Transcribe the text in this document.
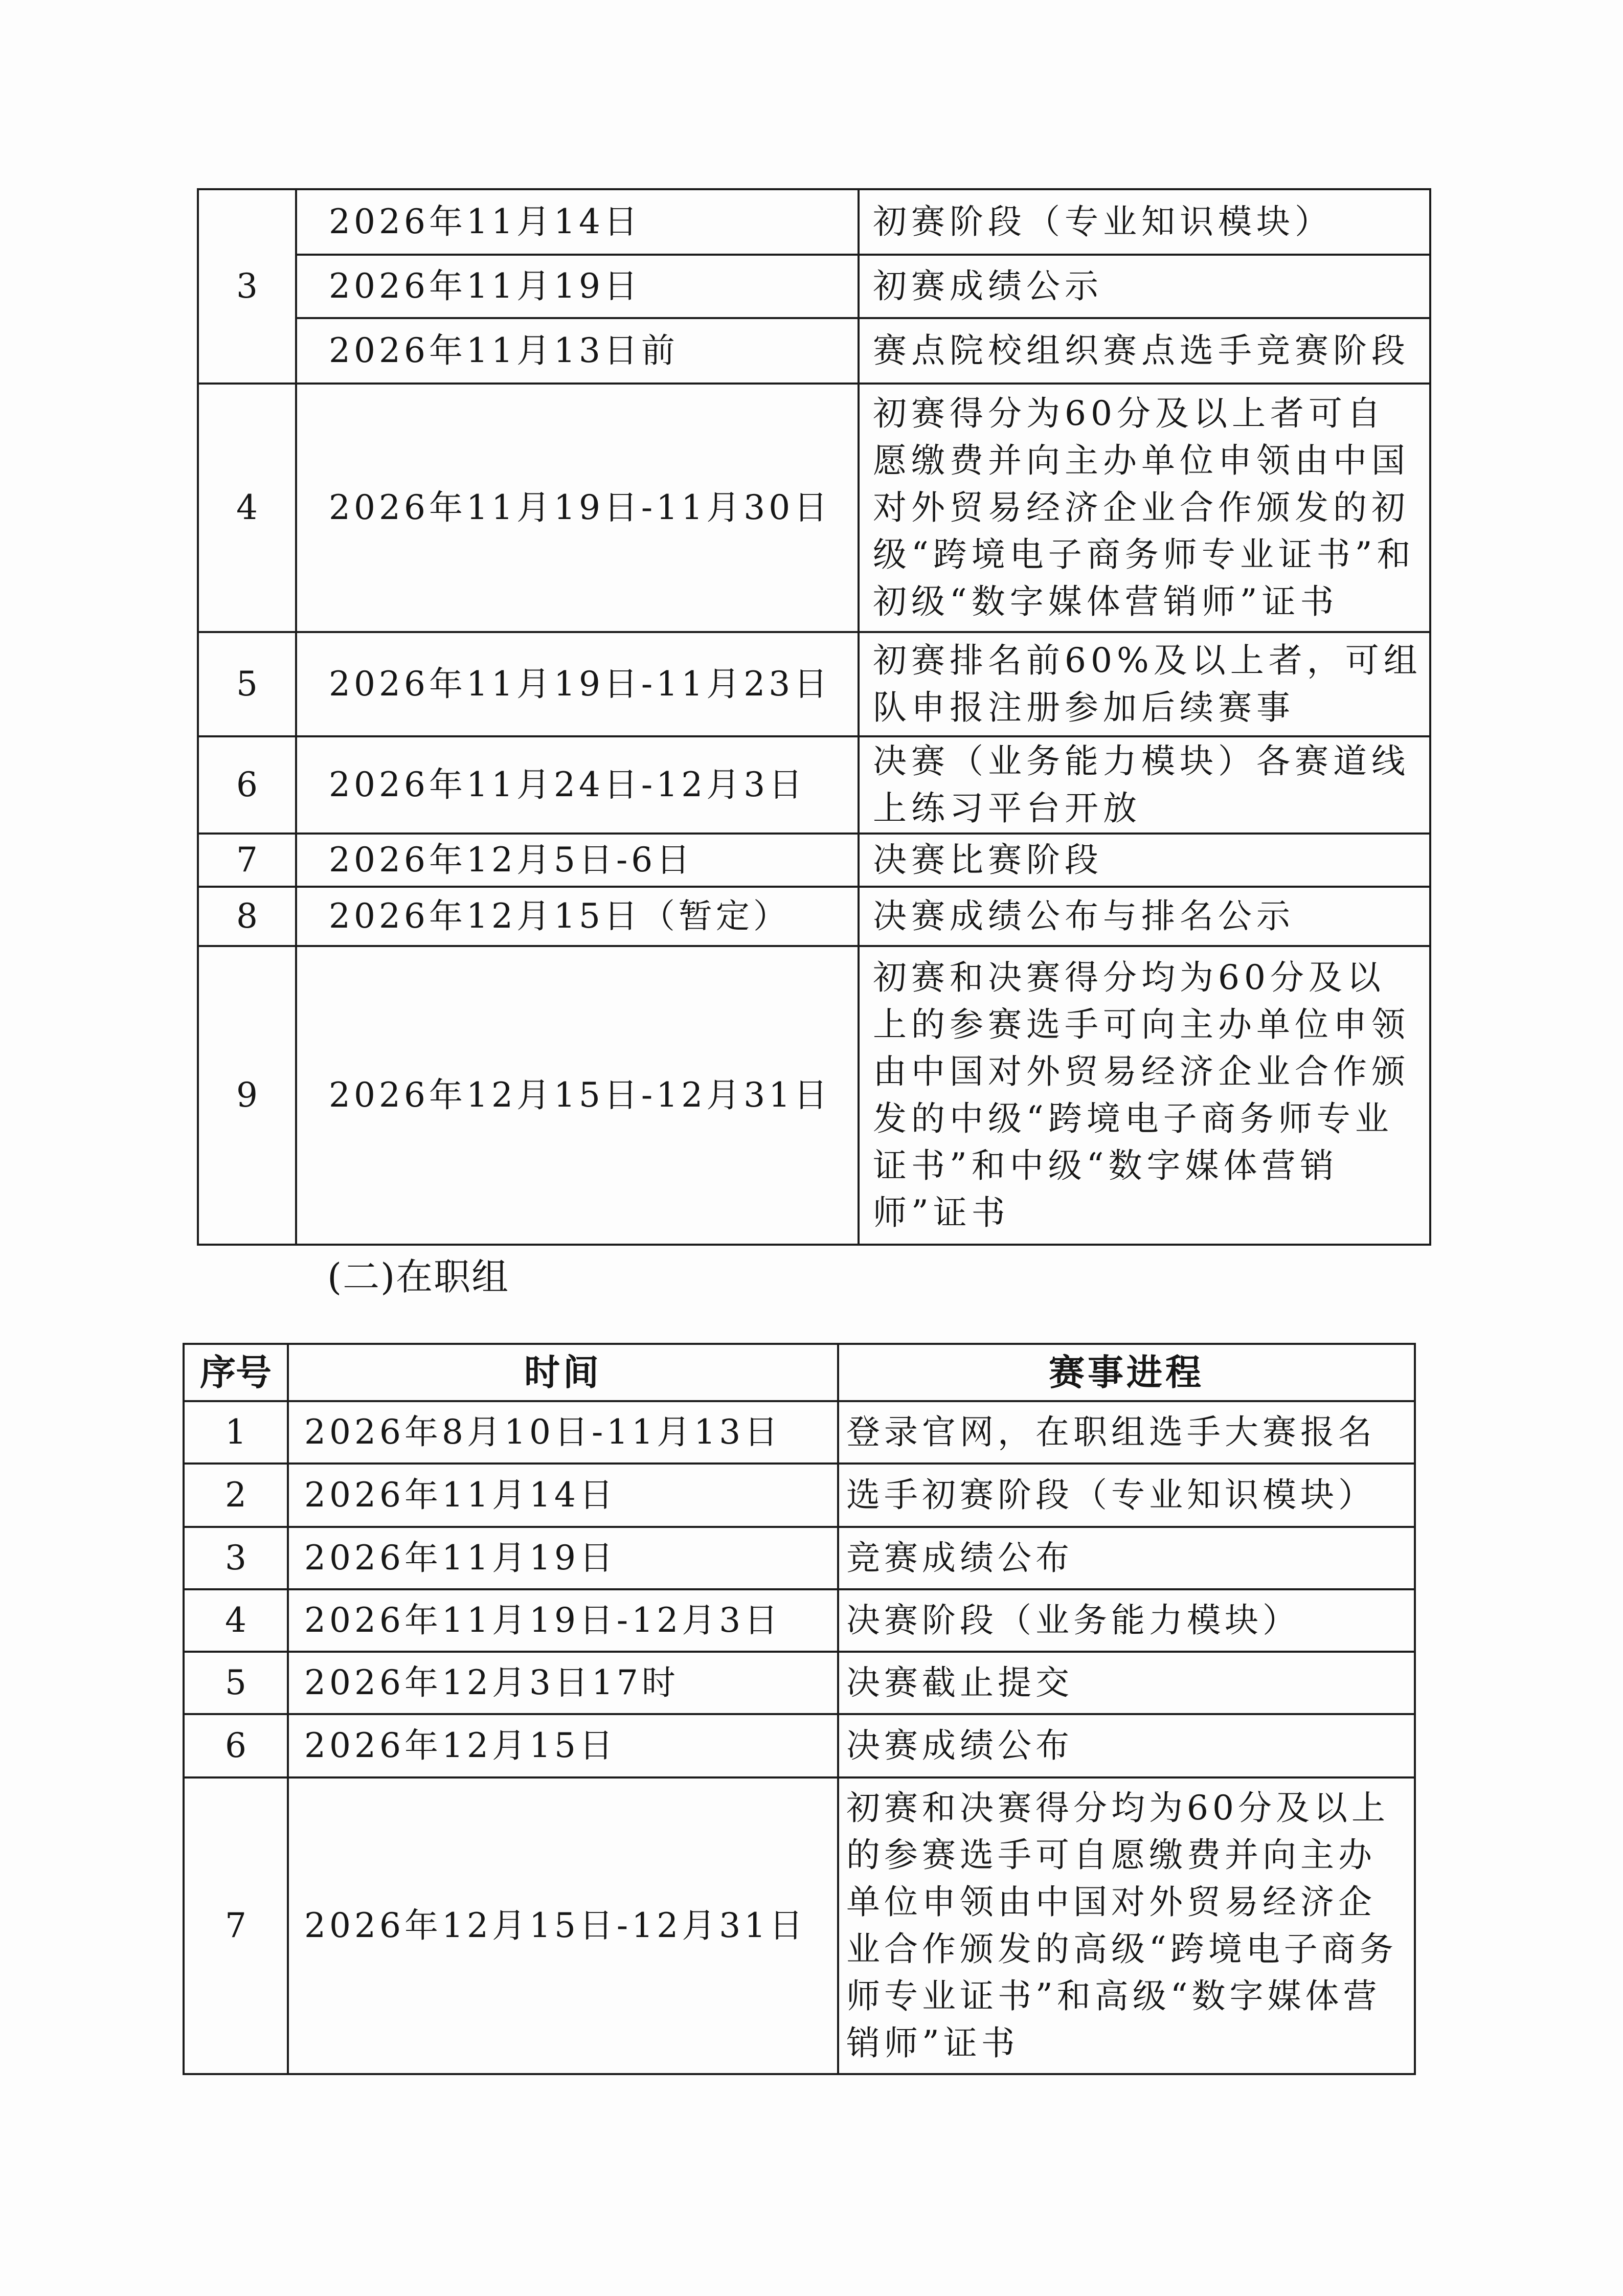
3	2026年11月14日	初赛阶段（专业知识模块）
	2026年11月19日	初赛成绩公示
	2026年11月13日前	赛点院校组织赛点选手竞赛阶段
4	2026年11月19日-11月30日	初赛得分为60分及以上者可自愿缴费并向主办单位申领由中国对外贸易经济企业合作颁发的初级“跨境电子商务师专业证书”和初级“数字媒体营销师”证书
5	2026年11月19日-11月23日	初赛排名前60%及以上者，可组队申报注册参加后续赛事
6	2026年11月24日-12月3日	决赛（业务能力模块）各赛道线上练习平台开放
7	2026年12月5日-6日	决赛比赛阶段
8	2026年12月15日（暂定）	决赛成绩公布与排名公示
9	2026年12月15日-12月31日	初赛和决赛得分均为60分及以上的参赛选手可向主办单位申领由中国对外贸易经济企业合作颁发的中级“跨境电子商务师专业证书”和中级“数字媒体营销师”证书
(二)在职组
序号	时间	赛事进程
1	2026年8月10日-11月13日	登录官网，在职组选手大赛报名
2	2026年11月14日	选手初赛阶段（专业知识模块）
3	2026年11月19日	竞赛成绩公布
4	2026年11月19日-12月3日	决赛阶段（业务能力模块）
5	2026年12月3日17时	决赛截止提交
6	2026年12月15日	决赛成绩公布
7	2026年12月15日-12月31日	初赛和决赛得分均为60分及以上的参赛选手可自愿缴费并向主办单位申领由中国对外贸易经济企业合作颁发的高级“跨境电子商务师专业证书”和高级“数字媒体营销师”证书
